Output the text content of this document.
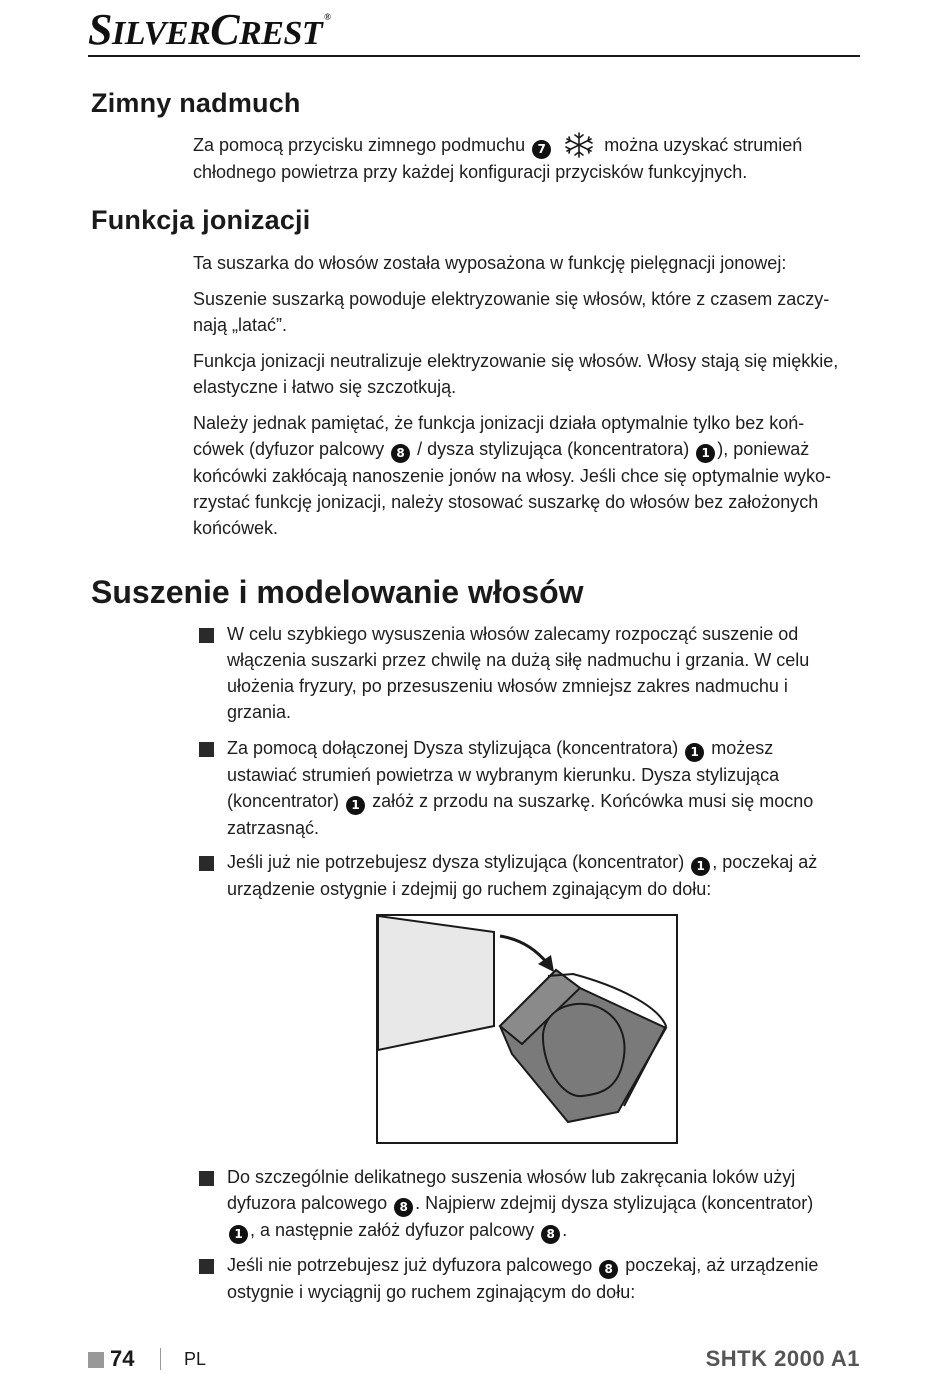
SILVERCREST ®
Zimny nadmuch
Za pomocą przycisku zimnego podmuchu 7	można uzyskać strumień
chłodnego powietrza przy każdej konfiguracji przycisków funkcyjnych.
Funkcja jonizacji
Ta suszarka do włosów została wyposażona w funkcję pielęgnacji jonowej:
Suszenie suszarką powoduje elektryzowanie się włosów, które z czasem zaczy-
nają „latać”.
Funkcja jonizacji neutralizuje elektryzowanie się włosów. Włosy stają się miękkie,
elastyczne i łatwo się szczotkują.
Należy jednak pamiętać, że funkcja jonizacji działa optymalnie tylko bez koń-
cówek (dyfuzor palcowy 8 / dysza stylizująca (koncentratora) 1 ), ponieważ
końcówki zakłócają nanoszenie jonów na włosy. Jeśli chce się optymalnie wyko-
rzystać funkcję jonizacji, należy stosować suszarkę do włosów bez założonych
końcówek.
Suszenie i modelowanie włosów
W celu szybkiego wysuszenia włosów zalecamy rozpocząć suszenie od
włączenia suszarki przez chwilę na dużą siłę nadmuchu i grzania. W celu
ułożenia fryzury, po przesuszeniu włosów zmniejsz zakres nadmuchu i
grzania.
Za pomocą dołączonej Dysza stylizująca (koncentratora) 1 możesz
ustawiać strumień powietrza w wybranym kierunku. Dysza stylizująca
(koncentrator) 1 załóż z przodu na suszarkę. Końcówka musi się mocno
zatrzasnąć.
Jeśli już nie potrzebujesz dysza stylizująca (koncentrator) 1 , poczekaj aż
urządzenie ostygnie i zdejmij go ruchem zginającym do dołu:
Do szczególnie delikatnego suszenia włosów lub zakręcania loków użyj
dyfuzora palcowego 8 . Najpierw zdejmij dysza stylizująca (koncentrator)
1 , a następnie załóż dyfuzor palcowy 8 .
Jeśli nie potrzebujesz już dyfuzora palcowego 8 poczekaj, aż urządzenie
ostygnie i wyciągnij go ruchem zginającym do dołu:
74	PL	SHTK 2000 A1
